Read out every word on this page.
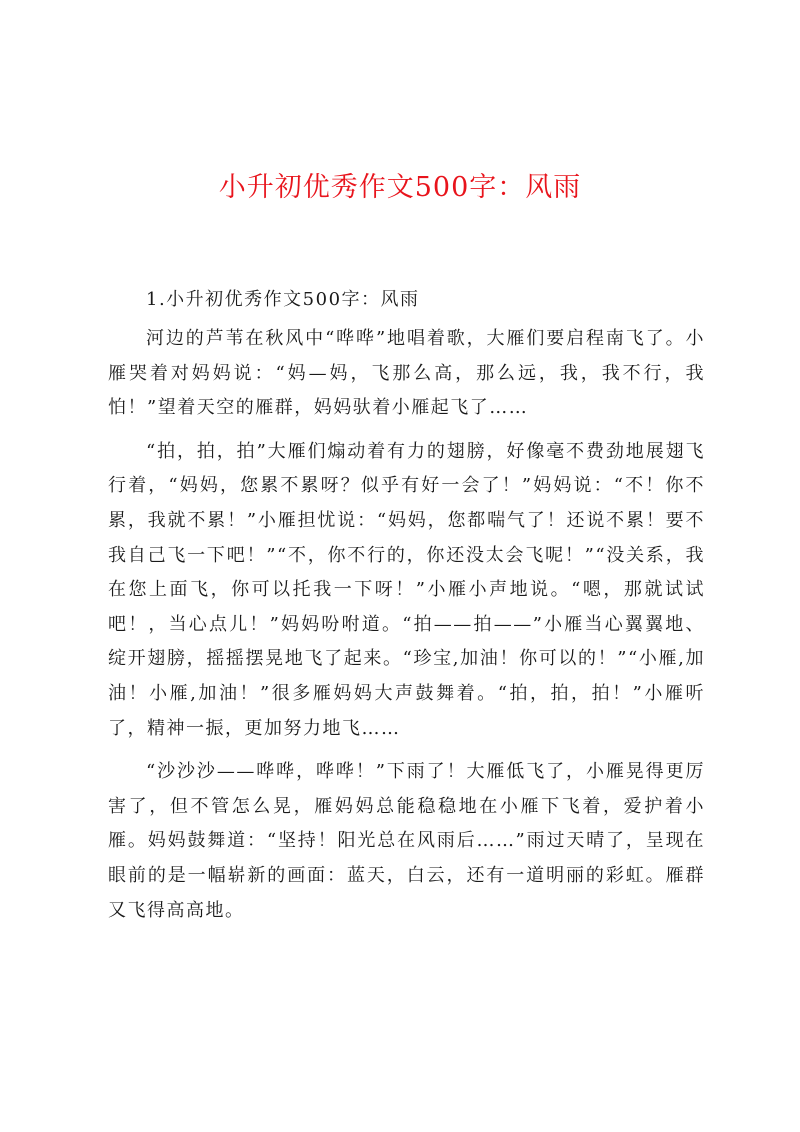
小升初优秀作文500字：风雨

1.小升初优秀作文500字：风雨

河边的芦苇在秋风中“哗哗”地唱着歌，大雁们要启程南飞了。小雁哭着对妈妈说：“妈—妈，飞那么高，那么远，我，我不行，我怕！”望着天空的雁群，妈妈驮着小雁起飞了……

“拍，拍，拍”大雁们煽动着有力的翅膀，好像毫不费劲地展翅飞行着，“妈妈，您累不累呀？似乎有好一会了！”妈妈说：“不！你不累，我就不累！”小雁担忧说：“妈妈，您都喘气了！还说不累！要不我自己飞一下吧！”“不，你不行的，你还没太会飞呢！”“没关系，我在您上面飞，你可以托我一下呀！”小雁小声地说。“嗯，那就试试吧！，当心点儿！”妈妈吩咐道。“拍——拍——”小雁当心翼翼地、绽开翅膀，摇摇摆晃地飞了起来。“珍宝,加油！你可以的！”“小雁,加油！小雁,加油！”很多雁妈妈大声鼓舞着。“拍，拍，拍！”小雁听了，精神一振，更加努力地飞……

“沙沙沙——哗哗，哗哗！”下雨了！大雁低飞了，小雁晃得更厉害了，但不管怎么晃，雁妈妈总能稳稳地在小雁下飞着，爱护着小雁。妈妈鼓舞道：“坚持！阳光总在风雨后……”雨过天晴了，呈现在眼前的是一幅崭新的画面：蓝天，白云，还有一道明丽的彩虹。雁群又飞得高高地。
